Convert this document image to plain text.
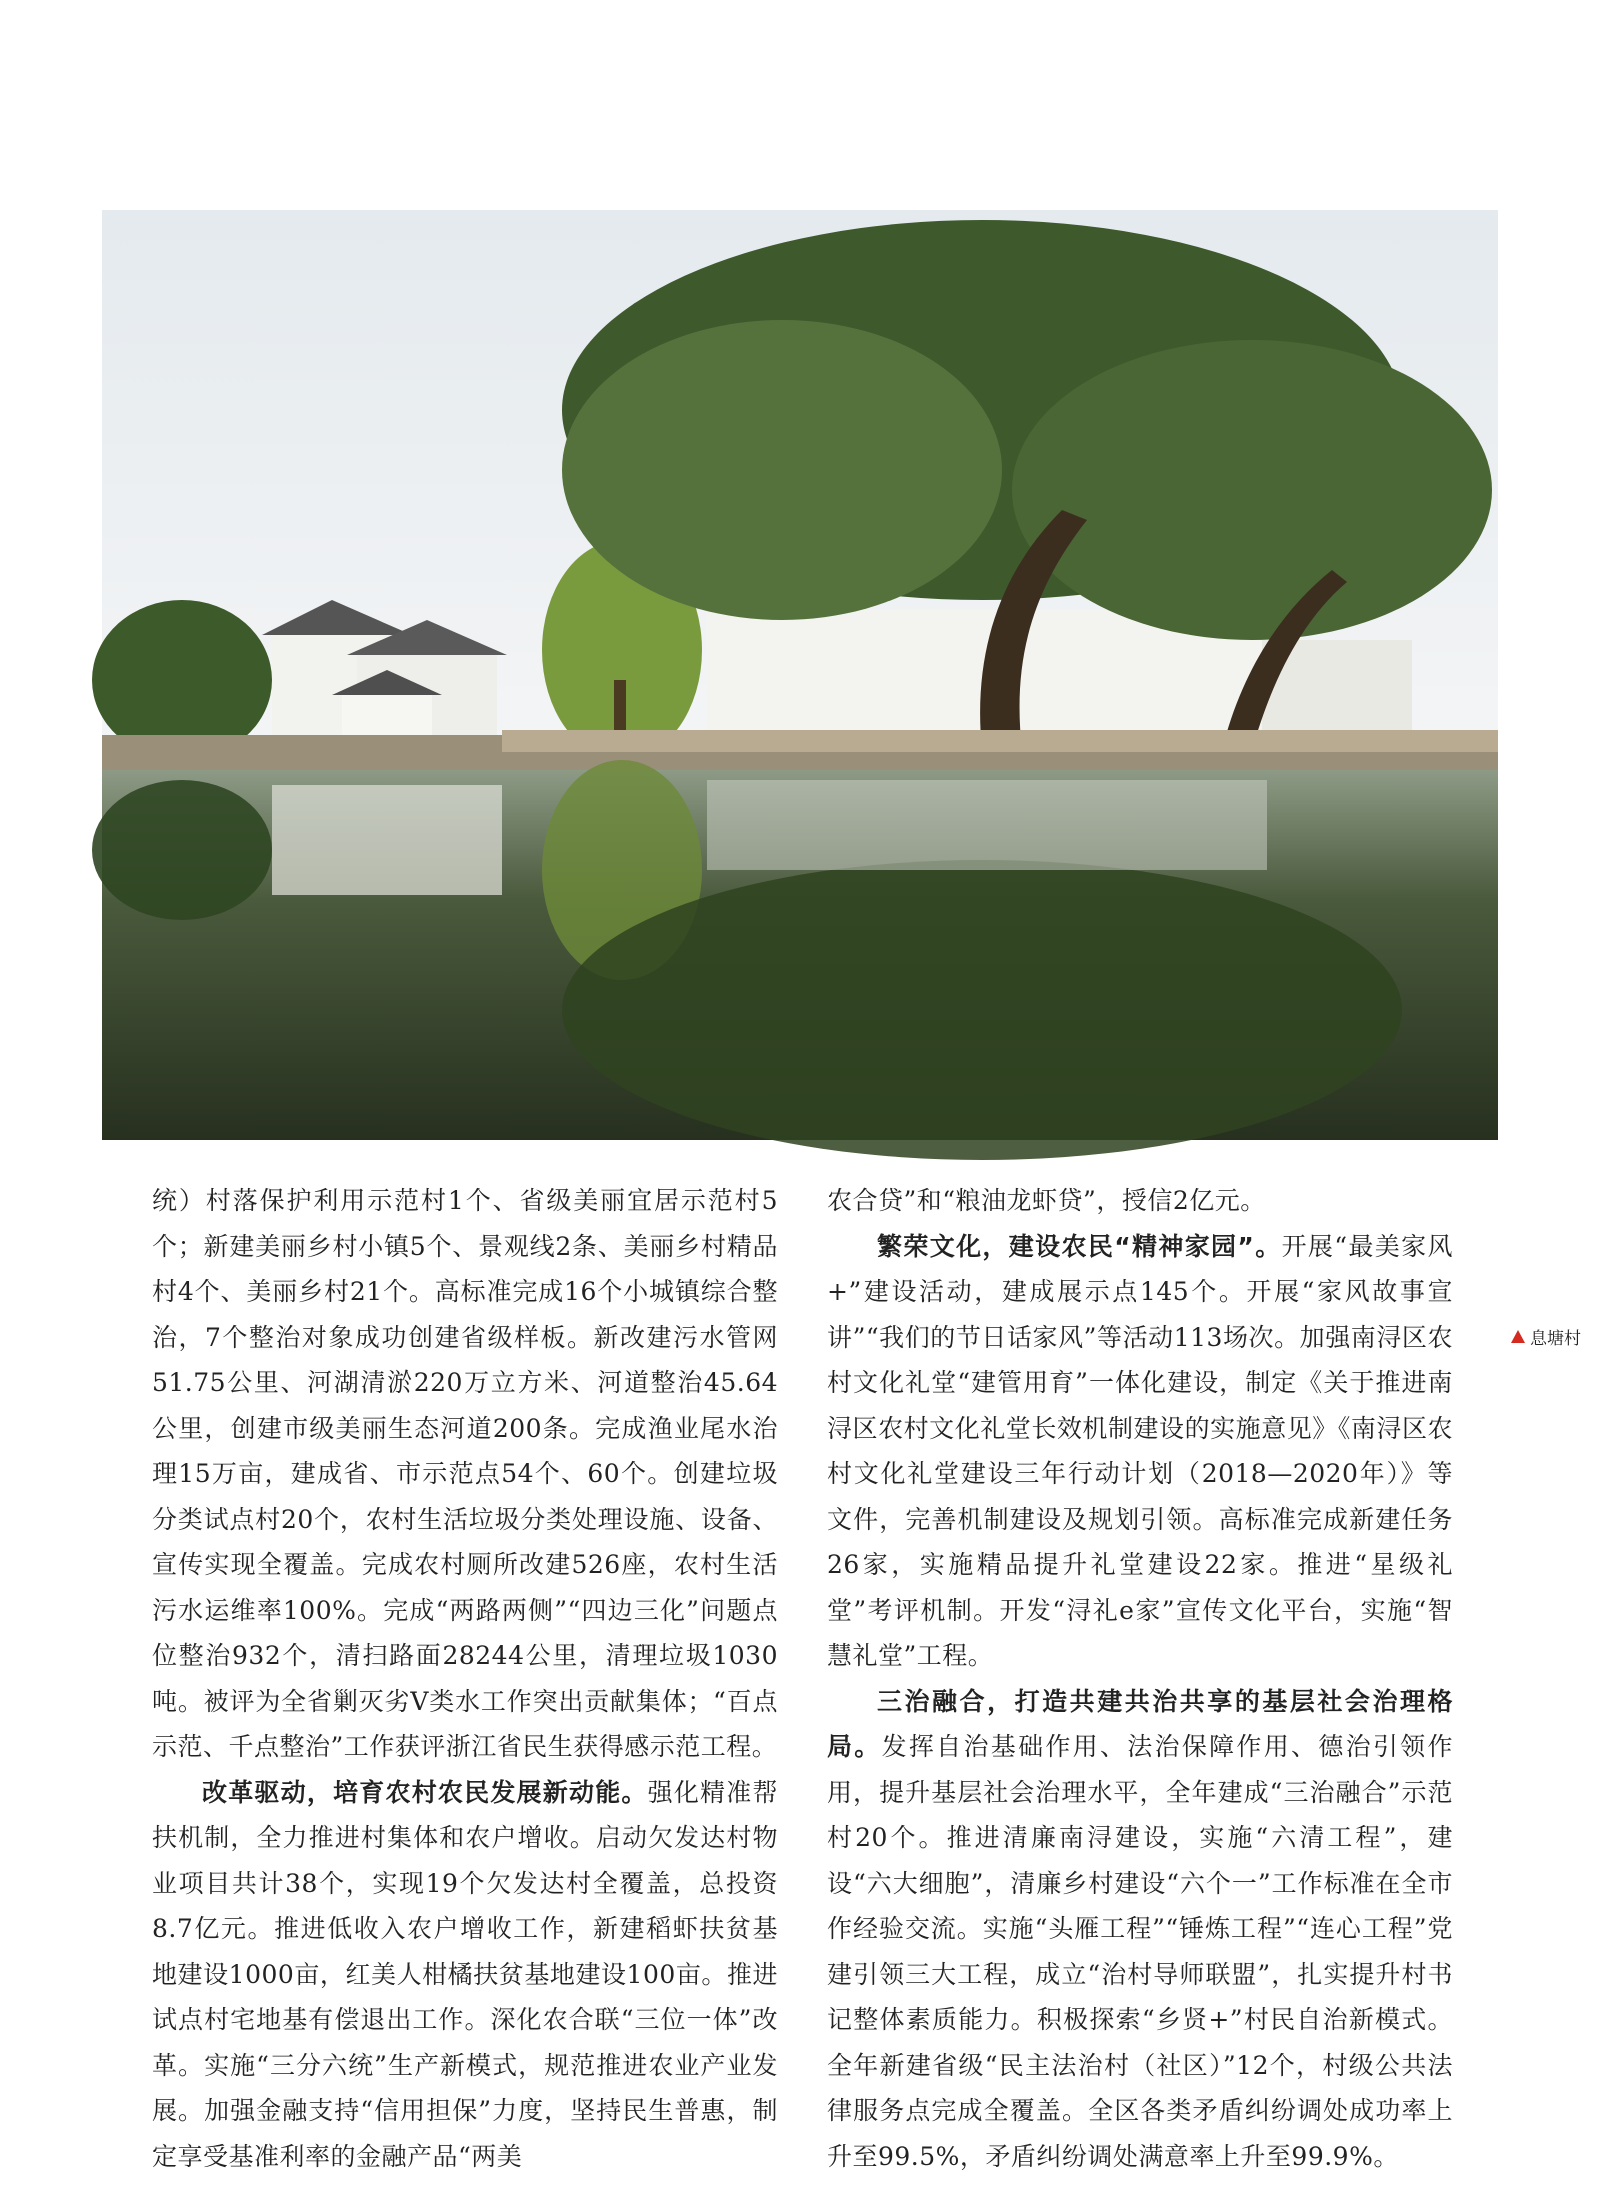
息塘村

统）村落保护利用示范村1个、省级美丽宜居示范村5个；新建美丽乡村小镇5个、景观线2条、美丽乡村精品村4个、美丽乡村21个。高标准完成16个小城镇综合整治，7个整治对象成功创建省级样板。新改建污水管网51.75公里、河湖清淤220万立方米、河道整治45.64公里，创建市级美丽生态河道200条。完成渔业尾水治理15万亩，建成省、市示范点54个、60个。创建垃圾分类试点村20个，农村生活垃圾分类处理设施、设备、宣传实现全覆盖。完成农村厕所改建526座，农村生活污水运维率100%。完成“两路两侧”“四边三化”问题点位整治932个，清扫路面28244公里，清理垃圾1030吨。被评为全省剿灭劣V类水工作突出贡献集体；“百点示范、千点整治”工作获评浙江省民生获得感示范工程。

改革驱动，培育农村农民发展新动能。强化精准帮扶机制，全力推进村集体和农户增收。启动欠发达村物业项目共计38个，实现19个欠发达村全覆盖，总投资8.7亿元。推进低收入农户增收工作，新建稻虾扶贫基地建设1000亩，红美人柑橘扶贫基地建设100亩。推进试点村宅地基有偿退出工作。深化农合联“三位一体”改革。实施“三分六统”生产新模式，规范推进农业产业发展。加强金融支持“信用担保”力度，坚持民生普惠，制定享受基准利率的金融产品“两美

农合贷”和“粮油龙虾贷”，授信2亿元。

繁荣文化，建设农民“精神家园”。开展“最美家风+”建设活动，建成展示点145个。开展“家风故事宣讲”“我们的节日话家风”等活动113场次。加强南浔区农村文化礼堂“建管用育”一体化建设，制定《关于推进南浔区农村文化礼堂长效机制建设的实施意见》《南浔区农村文化礼堂建设三年行动计划（2018—2020年）》等文件，完善机制建设及规划引领。高标准完成新建任务26家，实施精品提升礼堂建设22家。推进“星级礼堂”考评机制。开发“浔礼e家”宣传文化平台，实施“智慧礼堂”工程。

三治融合，打造共建共治共享的基层社会治理格局。发挥自治基础作用、法治保障作用、德治引领作用，提升基层社会治理水平，全年建成“三治融合”示范村20个。推进清廉南浔建设，实施“六清工程”，建设“六大细胞”，清廉乡村建设“六个一”工作标准在全市作经验交流。实施“头雁工程”“锤炼工程”“连心工程”党建引领三大工程，成立“治村导师联盟”，扎实提升村书记整体素质能力。积极探索“乡贤+”村民自治新模式。全年新建省级“民主法治村（社区）”12个，村级公共法律服务点完成全覆盖。全区各类矛盾纠纷调处成功率上升至99.5%，矛盾纠纷调处满意率上升至99.9%。
